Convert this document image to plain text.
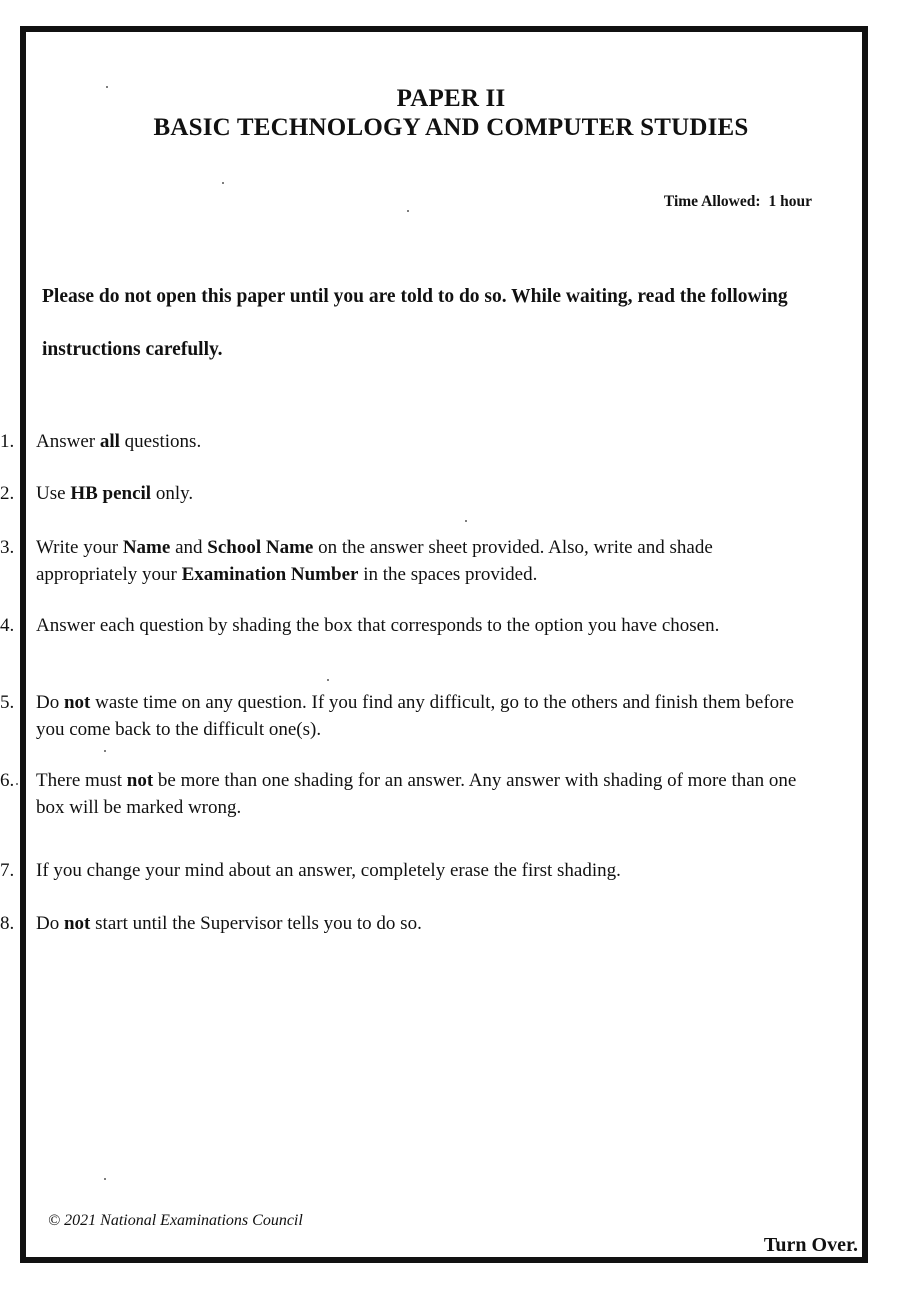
PAPER II
BASIC TECHNOLOGY AND COMPUTER STUDIES
Time Allowed: 1 hour
Please do not open this paper until you are told to do so. While waiting, read the following instructions carefully.
1.	Answer all questions.
2.	Use HB pencil only.
3.	Write your Name and School Name on the answer sheet provided. Also, write and shade appropriately your Examination Number in the spaces provided.
4.	Answer each question by shading the box that corresponds to the option you have chosen.
5.	Do not waste time on any question. If you find any difficult, go to the others and finish them before you come back to the difficult one(s).
6.	There must not be more than one shading for an answer. Any answer with shading of more than one box will be marked wrong.
7.	If you change your mind about an answer, completely erase the first shading.
8.	Do not start until the Supervisor tells you to do so.
© 2021 National Examinations Council
Turn Over.
